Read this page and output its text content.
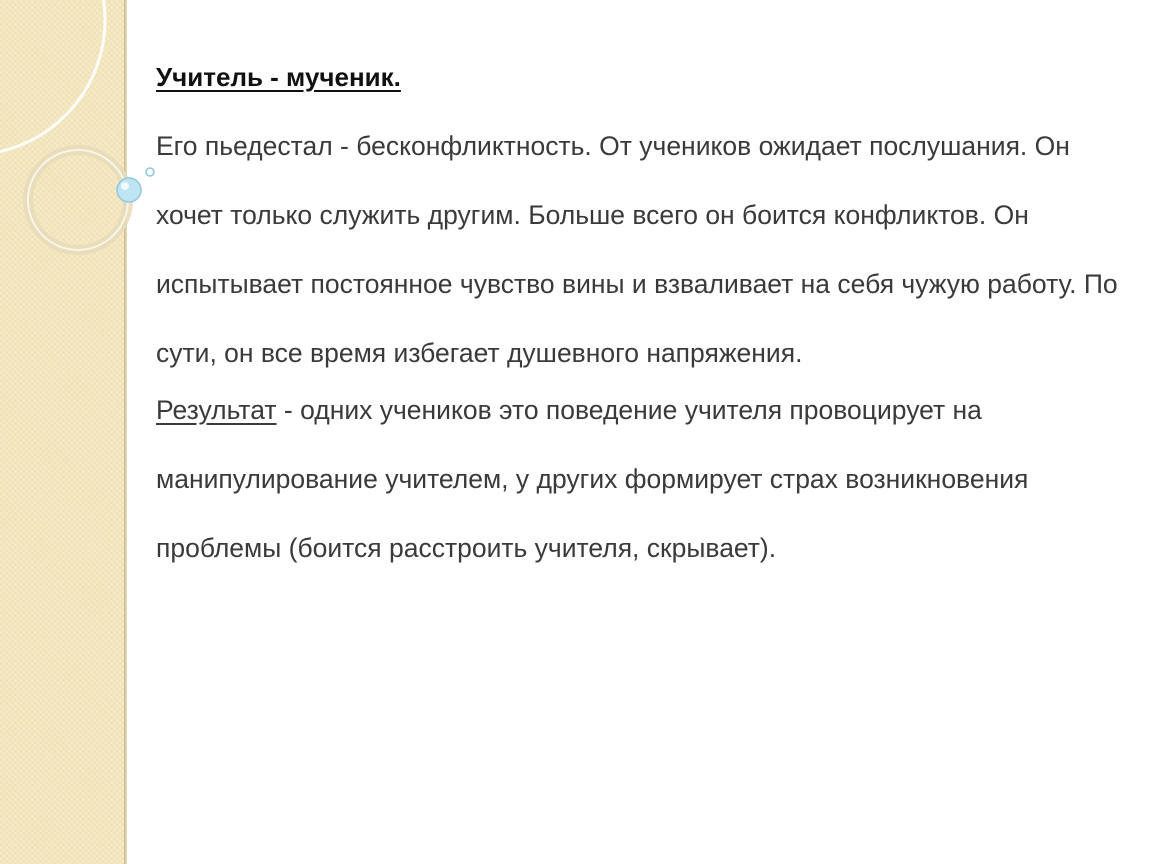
Учитель - мученик.

Его пьедестал - бесконфликтность. От учеников ожидает послушания. Он хочет только служить другим. Больше всего он боится конфликтов. Он испытывает постоянное чувство вины и взваливает на себя чужую работу. По сути, он все время избегает душевного напряжения.

Результат - одних учеников это поведение учителя провоцирует на манипулирование учителем, у других формирует страх возникновения проблемы (боится расстроить учителя, скрывает).
